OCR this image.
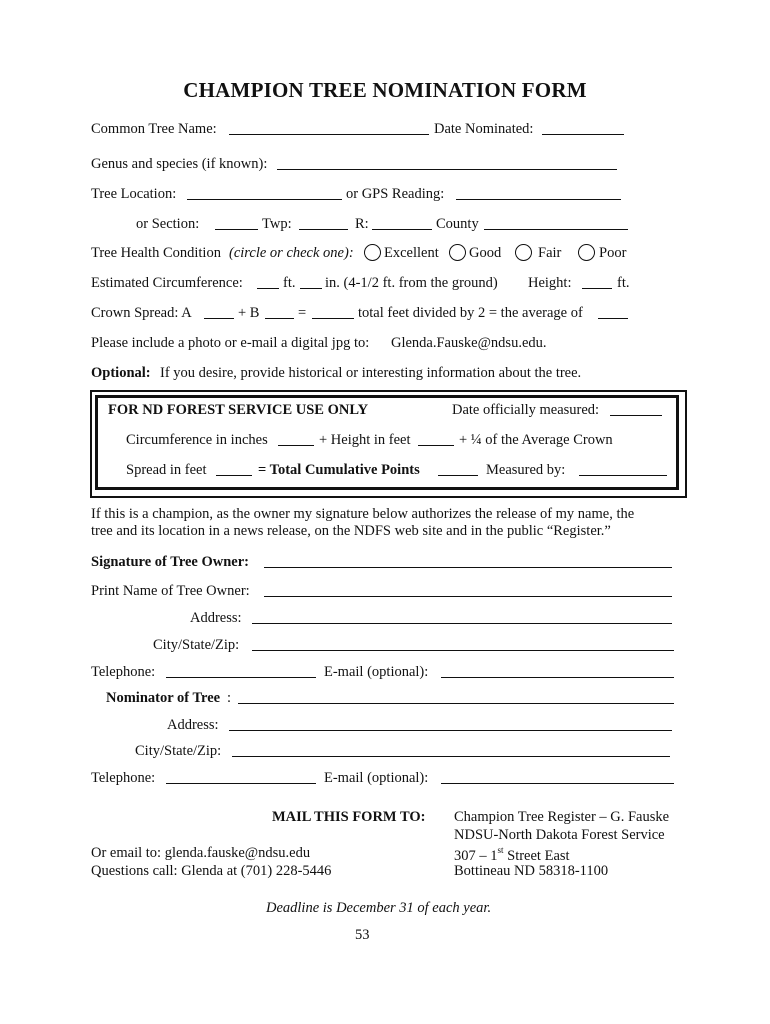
CHAMPION TREE NOMINATION FORM
Common Tree Name:	Date Nominated:
Genus and species (if known):
Tree Location:	or GPS Reading:
or Section:	Twp:	R:	County
Tree Health Condition (circle or check one): Excellent Good	Fair	Poor
Estimated Circumference:	ft. in. (4-1/2 ft. from the ground) Height:	ft.
Crown Spread: A	+ B	=	total feet divided by 2 = the average of
Please include a photo or e-mail a digital jpg to: Glenda.Fauske@ndsu.edu.
Optional: If you desire, provide historical or interesting information about the tree.
FOR ND FOREST SERVICE USE ONLY	Date officially measured:
Circumference in inches	+ Height in feet	+ ¼ of the Average Crown
Spread in feet	= Total Cumulative Points	Measured by:
If this is a champion, as the owner my signature below authorizes the release of my name, the
tree and its location in a news release, on the NDFS web site and in the public “Register.”
Signature of Tree Owner:
Print Name of Tree Owner:
Address:
City/State/Zip:
Telephone:	E-mail (optional):
Nominator of Tree :
Address:
City/State/Zip:
Telephone:	E-mail (optional):
MAIL THIS FORM TO: Champion Tree Register – G. Fauske
NDSU-North Dakota Forest Service
307 – 1st Street East
Bottineau ND 58318-1100
Or email to: glenda.fauske@ndsu.edu
Questions call: Glenda at (701) 228-5446
Deadline is December 31 of each year.
53
